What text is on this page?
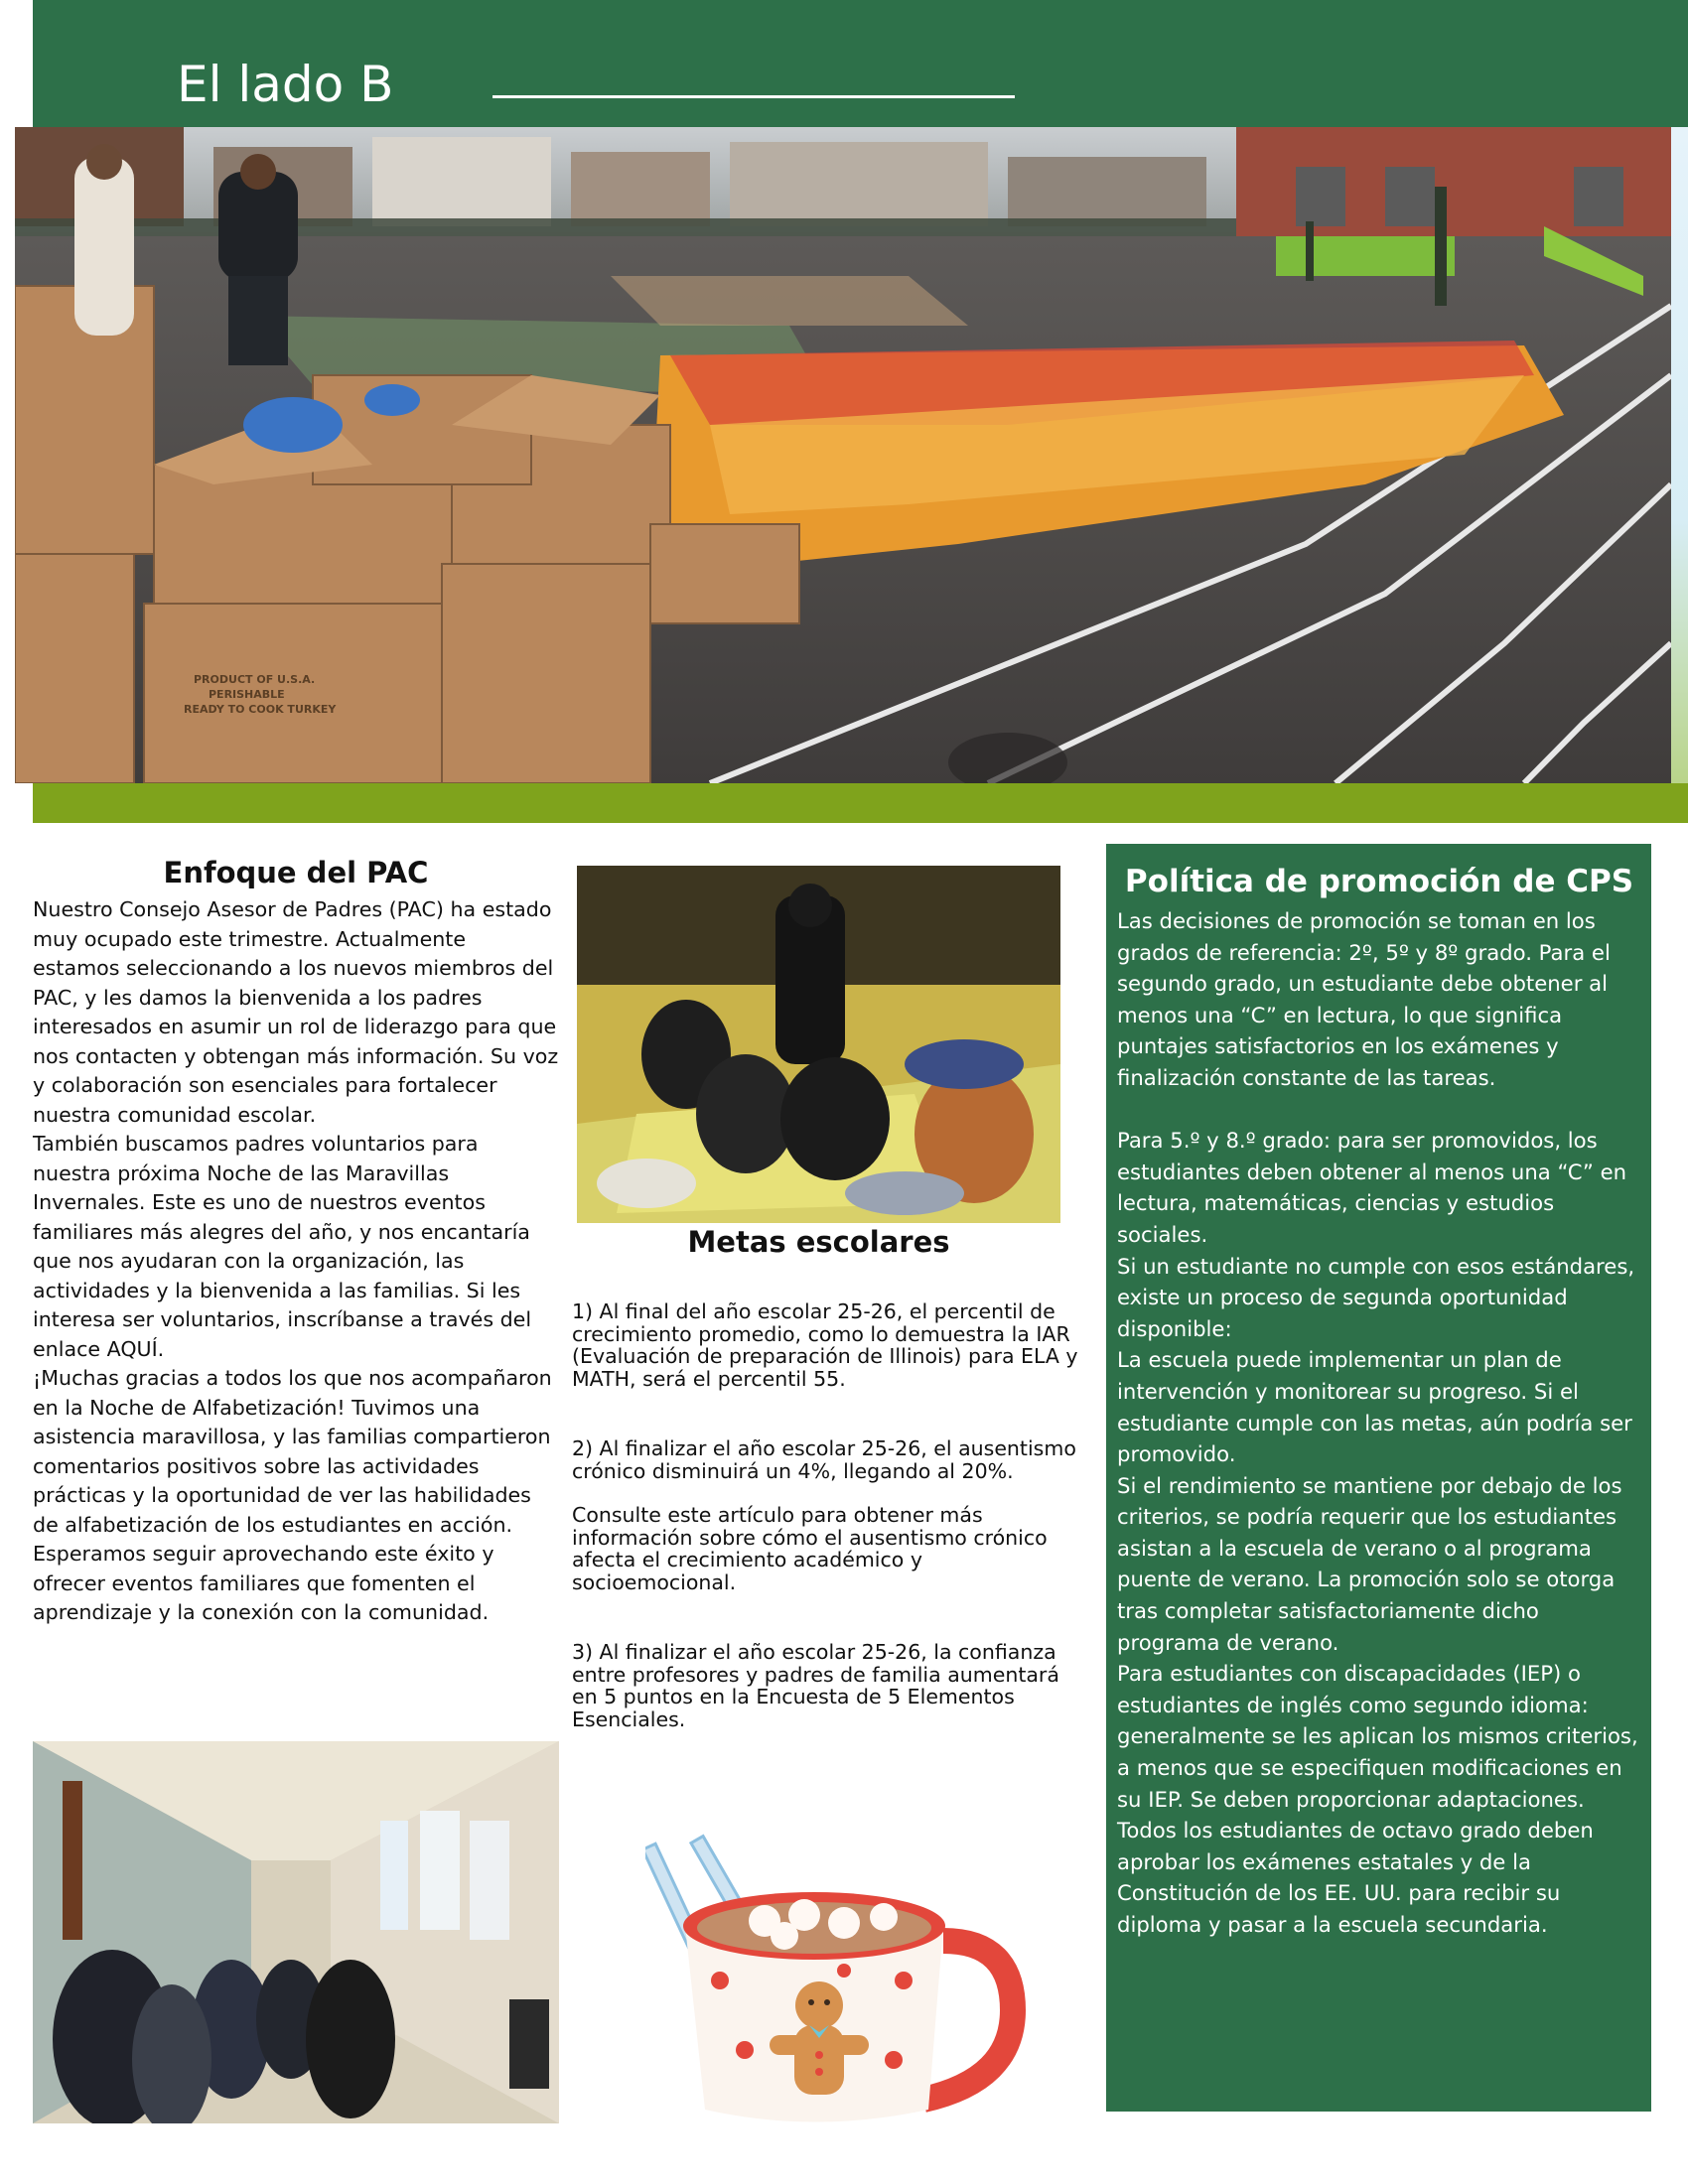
El lado B
PRODUCT OF U.S.A.
PERISHABLE
READY TO COOK TURKEY
Enfoque del PAC

Nuestro Consejo Asesor de Padres (PAC) ha estado muy ocupado este trimestre. Actualmente estamos seleccionando a los nuevos miembros del PAC, y les damos la bienvenida a los padres interesados en asumir un rol de liderazgo para que nos contacten y obtengan más información. Su voz y colaboración son esenciales para fortalecer nuestra comunidad escolar.

También buscamos padres voluntarios para nuestra próxima Noche de las Maravillas Invernales. Este es uno de nuestros eventos familiares más alegres del año, y nos encantaría que nos ayudaran con la organización, las actividades y la bienvenida a las familias. Si les interesa ser voluntarios, inscríbanse a través del enlace AQUÍ.

¡Muchas gracias a todos los que nos acompañaron en la Noche de Alfabetización! Tuvimos una asistencia maravillosa, y las familias compartieron comentarios positivos sobre las actividades prácticas y la oportunidad de ver las habilidades de alfabetización de los estudiantes en acción. Esperamos seguir aprovechando este éxito y ofrecer eventos familiares que fomenten el aprendizaje y la conexión con la comunidad.

Metas escolares

1) Al final del año escolar 25-26, el percentil de crecimiento promedio, como lo demuestra la IAR (Evaluación de preparación de Illinois) para ELA y MATH, será el percentil 55.

2) Al finalizar el año escolar 25-26, el ausentismo crónico disminuirá un 4%, llegando al 20%.

Consulte este artículo para obtener más información sobre cómo el ausentismo crónico afecta el crecimiento académico y socioemocional.

3) Al finalizar el año escolar 25-26, la confianza entre profesores y padres de familia aumentará en 5 puntos en la Encuesta de 5 Elementos Esenciales.

Política de promoción de CPS

Las decisiones de promoción se toman en los grados de referencia: 2º, 5º y 8º grado. Para el segundo grado, un estudiante debe obtener al menos una “C” en lectura, lo que significa puntajes satisfactorios en los exámenes y finalización constante de las tareas.

Para 5.º y 8.º grado: para ser promovidos, los estudiantes deben obtener al menos una “C” en lectura, matemáticas, ciencias y estudios sociales.

Si un estudiante no cumple con esos estándares, existe un proceso de segunda oportunidad disponible:

La escuela puede implementar un plan de intervención y monitorear su progreso. Si el estudiante cumple con las metas, aún podría ser promovido.

Si el rendimiento se mantiene por debajo de los criterios, se podría requerir que los estudiantes asistan a la escuela de verano o al programa puente de verano. La promoción solo se otorga tras completar satisfactoriamente dicho programa de verano.

Para estudiantes con discapacidades (IEP) o estudiantes de inglés como segundo idioma: generalmente se les aplican los mismos criterios, a menos que se especifiquen modificaciones en su IEP. Se deben proporcionar adaptaciones.

Todos los estudiantes de octavo grado deben aprobar los exámenes estatales y de la Constitución de los EE. UU. para recibir su diploma y pasar a la escuela secundaria.
